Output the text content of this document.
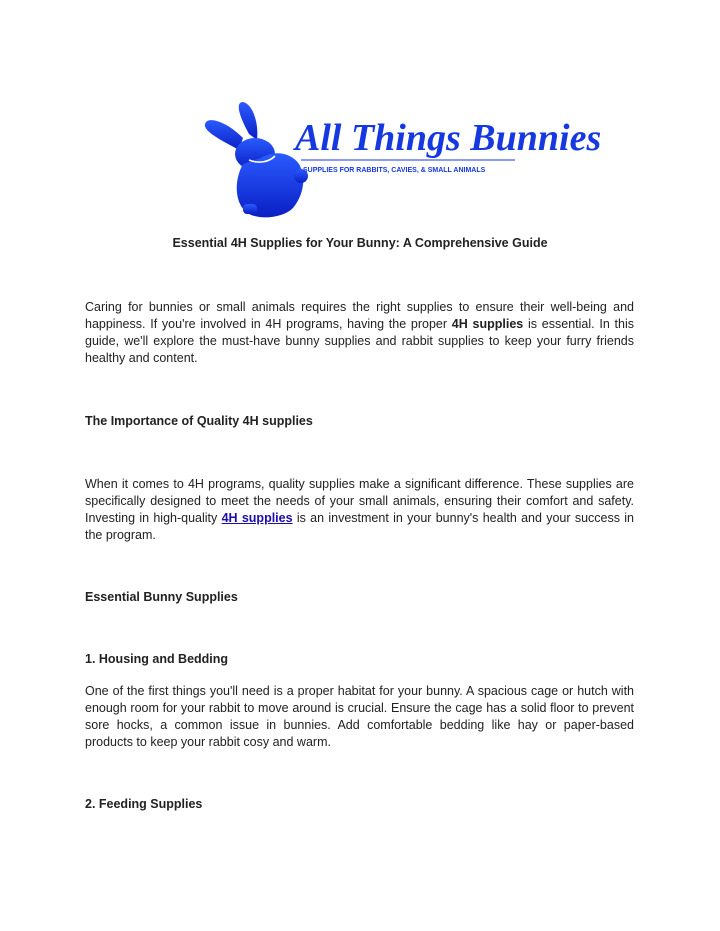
All Things Bunnies
SUPPLIES FOR RABBITS, CAVIES, & SMALL ANIMALS
Essential 4H Supplies for Your Bunny: A Comprehensive Guide

Caring for bunnies or small animals requires the right supplies to ensure their well-being and happiness. If you're involved in 4H programs, having the proper 4H supplies is essential. In this guide, we'll explore the must-have bunny supplies and rabbit supplies to keep your furry friends healthy and content.

The Importance of Quality 4H supplies

When it comes to 4H programs, quality supplies make a significant difference. These supplies are specifically designed to meet the needs of your small animals, ensuring their comfort and safety. Investing in high-quality 4H supplies is an investment in your bunny's health and your success in the program.

Essential Bunny Supplies
1. Housing and Bedding

One of the first things you'll need is a proper habitat for your bunny. A spacious cage or hutch with enough room for your rabbit to move around is crucial. Ensure the cage has a solid floor to prevent sore hocks, a common issue in bunnies. Add comfortable bedding like hay or paper-based products to keep your rabbit cosy and warm.

2. Feeding Supplies
